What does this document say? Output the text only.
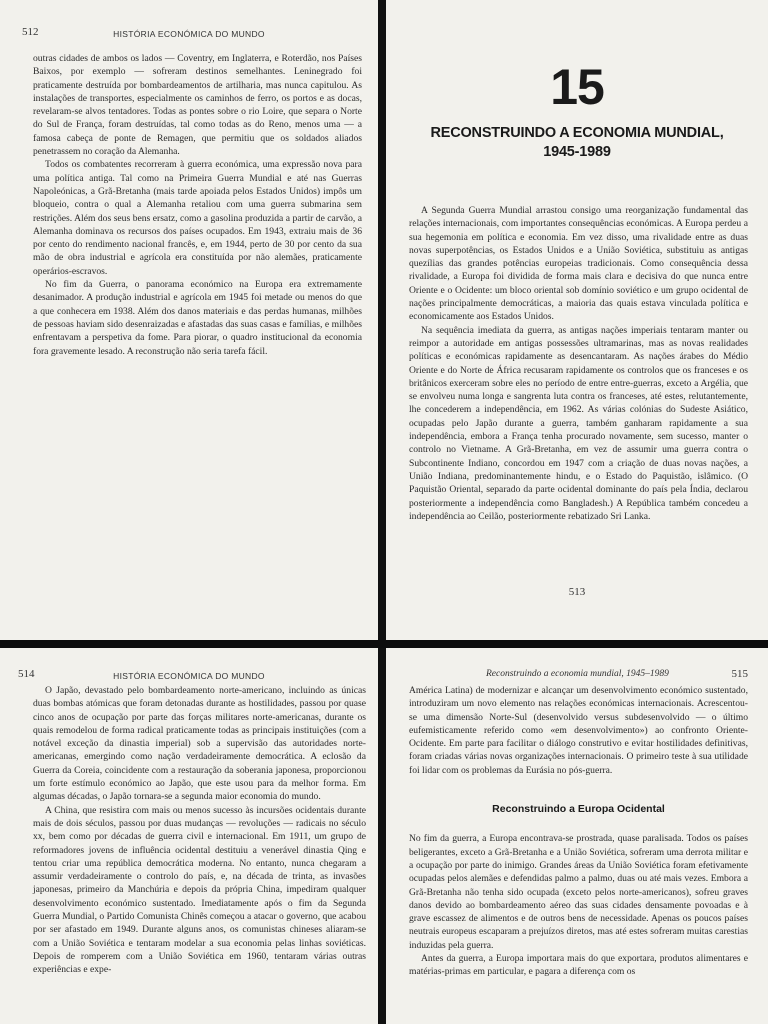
512	HISTÓRIA ECONÓMICA DO MUNDO

outras cidades de ambos os lados — Coventry, em Inglaterra, e Roterdão, nos Países Baixos, por exemplo — sofreram destinos semelhantes. Leninegrado foi praticamente destruída por bombardeamentos de artilharia, mas nunca capitulou. As instalações de transportes, especialmente os caminhos de ferro, os portos e as docas, revelaram-se alvos tentadores. Todas as pontes sobre o rio Loire, que separa o Norte do Sul de França, foram destruídas, tal como todas as do Reno, menos uma — a famosa cabeça de ponte de Remagen, que permitiu que os soldados aliados penetrassem no coração da Alemanha.

Todos os combatentes recorreram à guerra económica, uma expressão nova para uma política antiga. Tal como na Primeira Guerra Mundial e até nas Guerras Napoleónicas, a Grã-Bretanha (mais tarde apoiada pelos Estados Unidos) impôs um bloqueio, contra o qual a Alemanha retaliou com uma guerra submarina sem restrições. Além dos seus bens ersatz, como a gasolina produzida a partir de carvão, a Alemanha dominava os recursos dos países ocupados. Em 1943, extraiu mais de 36 por cento do rendimento nacional francês, e, em 1944, perto de 30 por cento da sua mão de obra industrial e agrícola era constituída por não alemães, praticamente operários-escravos.

No fim da Guerra, o panorama económico na Europa era extremamente desanimador. A produção industrial e agrícola em 1945 foi metade ou menos do que a que conhecera em 1938. Além dos danos materiais e das perdas humanas, milhões de pessoas haviam sido desenraizadas e afastadas das suas casas e famílias, e milhões enfrentavam a perspetiva da fome. Para piorar, o quadro institucional da economia fora gravemente lesado. A reconstrução não seria tarefa fácil.

15
RECONSTRUINDO A ECONOMIA MUNDIAL,
1945-1989

A Segunda Guerra Mundial arrastou consigo uma reorganização fundamental das relações internacionais, com importantes consequências económicas. A Europa perdeu a sua hegemonia em política e economia. Em vez disso, uma rivalidade entre as duas novas superpotências, os Estados Unidos e a União Soviética, substituiu as antigas quezílias das grandes potências europeias tradicionais. Como consequência dessa rivalidade, a Europa foi dividida de forma mais clara e decisiva do que nunca entre Oriente e o Ocidente: um bloco oriental sob domínio soviético e um grupo ocidental de nações principalmente democráticas, a maioria das quais estava vinculada política e economicamente aos Estados Unidos.

Na sequência imediata da guerra, as antigas nações imperiais tentaram manter ou reimpor a autoridade em antigas possessões ultramarinas, mas as novas realidades políticas e económicas rapidamente as desencantaram. As nações árabes do Médio Oriente e do Norte de África recusaram rapidamente os controlos que os franceses e os britânicos exerceram sobre eles no período de entre entre-guerras, exceto a Argélia, que se envolveu numa longa e sangrenta luta contra os franceses, até estes, relutantemente, lhe concederem a independência, em 1962. As várias colónias do Sudeste Asiático, ocupadas pelo Japão durante a guerra, também ganharam rapidamente a sua independência, embora a França tenha procurado novamente, sem sucesso, manter o controlo no Vietname. A Grã-Bretanha, em vez de assumir uma guerra contra o Subcontinente Indiano, concordou em 1947 com a criação de duas novas nações, a União Indiana, predominantemente hindu, e o Estado do Paquistão, islâmico. (O Paquistão Oriental, separado da parte ocidental dominante do país pela Índia, declarou posteriormente a independência como Bangladesh.) A República também concedeu a independência ao Ceilão, posteriormente rebatizado Sri Lanka.

513
514	HISTÓRIA ECONÓMICA DO MUNDO

O Japão, devastado pelo bombardeamento norte-americano, incluindo as únicas duas bombas atómicas que foram detonadas durante as hostilidades, passou por quase cinco anos de ocupação por parte das forças militares norte-americanas, durante os quais remodelou de forma radical praticamente todas as principais instituições (com a notável exceção da dinastia imperial) sob a supervisão das autoridades norte-americanas, emergindo como nação verdadeiramente democrática. A eclosão da Guerra da Coreia, coincidente com a restauração da soberania japonesa, proporcionou um forte estímulo económico ao Japão, que este usou para da melhor forma. Em algumas décadas, o Japão tornara-se a segunda maior economia do mundo.

A China, que resistira com mais ou menos sucesso às incursões ocidentais durante mais de dois séculos, passou por duas mudanças — revoluções — radicais no século xx, bem como por décadas de guerra civil e internacional. Em 1911, um grupo de reformadores jovens de influência ocidental destituiu a venerável dinastia Qing e tentou criar uma república democrática moderna. No entanto, nunca chegaram a assumir verdadeiramente o controlo do país, e, na década de trinta, as invasões japonesas, primeiro da Manchúria e depois da própria China, impediram qualquer desenvolvimento económico sustentado. Imediatamente após o fim da Segunda Guerra Mundial, o Partido Comunista Chinês começou a atacar o governo, que acabou por ser afastado em 1949. Durante alguns anos, os comunistas chineses aliaram-se com a União Soviética e tentaram modelar a sua economia pelas linhas soviéticas. Depois de romperem com a União Soviética em 1960, tentaram várias outras experiências e expe-

Reconstruindo a economia mundial, 1945–1989	515

América Latina) de modernizar e alcançar um desenvolvimento económico sustentado, introduziram um novo elemento nas relações económicas internacionais. Acrescentou-se uma dimensão Norte-Sul (desenvolvido versus subdesenvolvido — o último eufemisticamente referido como «em desenvolvimento») ao confronto Oriente-Ocidente. Em parte para facilitar o diálogo construtivo e evitar hostilidades definitivas, foram criadas várias novas organizações internacionais. O primeiro teste à sua utilidade foi lidar com os problemas da Eurásia no pós-guerra.

Reconstruindo a Europa Ocidental

No fim da guerra, a Europa encontrava-se prostrada, quase paralisada. Todos os países beligerantes, exceto a Grã-Bretanha e a União Soviética, sofreram uma derrota militar e a ocupação por parte do inimigo. Grandes áreas da União Soviética foram efetivamente ocupadas pelos alemães e defendidas palmo a palmo, duas ou até mais vezes. Embora a Grã-Bretanha não tenha sido ocupada (exceto pelos norte-americanos), sofreu graves danos devido ao bombardeamento aéreo das suas cidades densamente povoadas e à grave escassez de alimentos e de outros bens de necessidade. Apenas os poucos países neutrais europeus escaparam a prejuízos diretos, mas até estes sofreram muitas carestias induzidas pela guerra.

Antes da guerra, a Europa importara mais do que exportara, produtos alimentares e matérias-primas em particular, e pagara a diferença com os
